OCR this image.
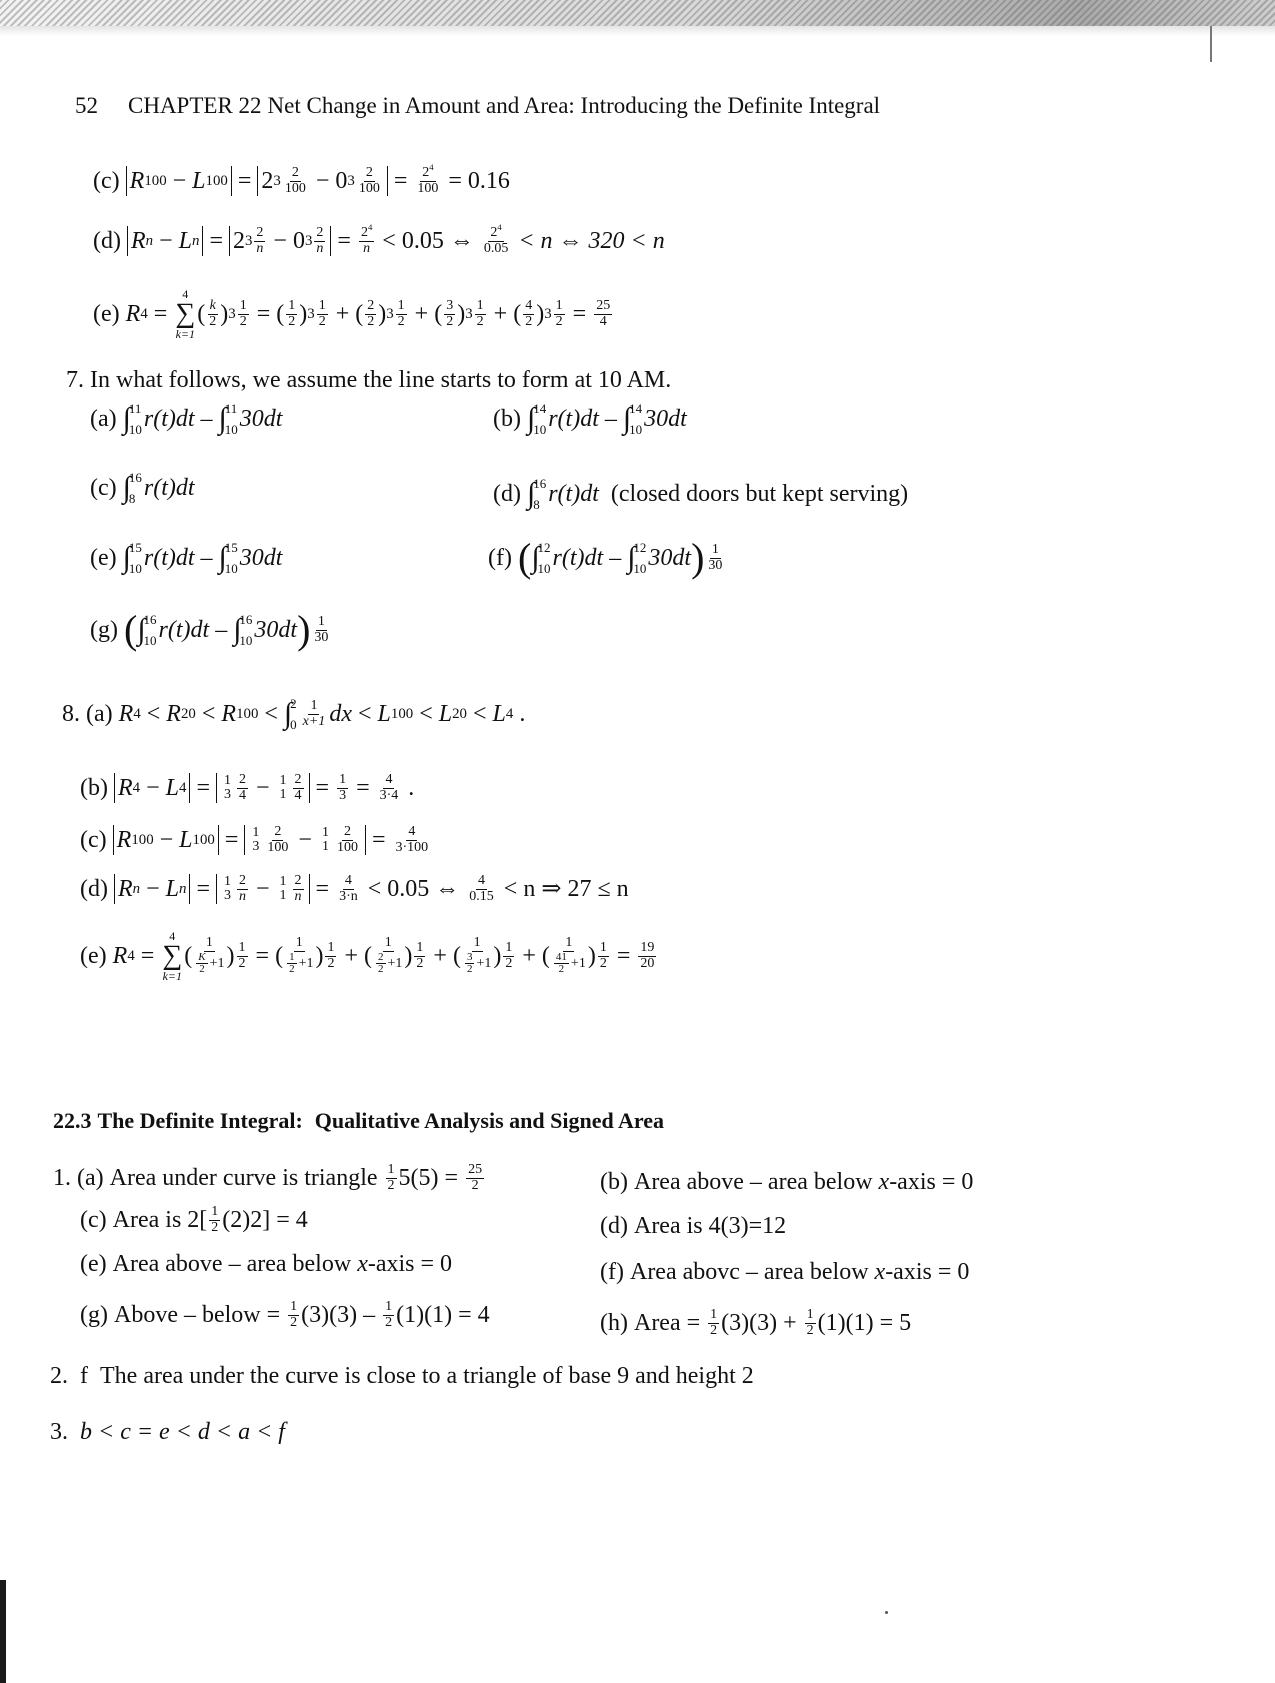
52 CHAPTER 22 Net Change in Amount and Area: Introducing the Definite Integral
(c) R 100 − L 100 = 2 $3 \frac{2}{100} - 0$ $3 \frac{2}{100} = \frac{2^4}{100} = 0.16$
(d) R n − L n = 2 $3 \frac{2}{n} - 0$ $3 \frac{2}{n} = \frac{2^4}{n} < 0.05$ ⇔ $\frac{2^4}{0.05} < n$ ⇔ 320 < n
(e) R 4 =
4
∑
k=1
( $\frac{k}{2}$ ) $3 \frac{1}{2}$ = ( $\frac{1}{2}$ ) $3 \frac{1}{2}$ + ( $\frac{2}{2}$ ) $3 \frac{1}{2}$ + ( $\frac{3}{2}$ ) $3 \frac{1}{2}$ + ( $\frac{4}{2}$ ) $3 \frac{1}{2} = \frac{25}{4}$
7. In what follows, we assume the line starts to form at 10 AM.
(a) ∫
11
10 r(t)dt
–
∫
11
10 30dt	(b) ∫
14
10 r(t)dt
–
∫
14
10 30dt
(c) ∫
16
8 r(t)dt	(d) ∫
16
8 r(t)dt (closed doors but kept serving)
(e) ∫
15
10 r(t)dt
–
∫
15
10 30dt	(f) ( ∫
12
10 r(t)dt
–
∫
12
10 30dt ) $\frac{1}{30}$
(g) ( ∫
16
10 r(t)dt
–
∫
16
10 30dt ) $\frac{1}{30}$
8. (a) R 4 < R 20 < R 100 < ∫
2
$0 \frac{1}{x+1}$ dx < L 100 < L 20 < L 4 .
(b) R 4 − L 4 = 1
$3 \frac{2}{4} - 1$
$1 \frac{2}{4} = \frac{1}{3} = \frac{4}{3\cdot 4}$ .
(c) R 100 − L 100 = 1
$3 \frac{2}{100} - 1$
$1 \frac{2}{100} = \frac{4}{3\cdot 100}$
(d) R n − L n = 1
$3 \frac{2}{n} - 1$
$1 \frac{2}{n} = \frac{4}{3\cdot n} < 0.05$ ⇔ $\frac{4}{0.15} < n$ ⇒ 27 ≤ n
(e) R 4 =
4
∑
k=1
( $\frac{1}{\frac{K}{2} +1}$ ) $\frac{1}{2}$ = ( $\frac{1}{\frac{1}{2} +1}$ ) $\frac{1}{2}$ + ( $\frac{1}{\frac{2}{2} +1}$ ) $\frac{1}{2}$ + ( $\frac{1}{\frac{3}{2} +1}$ ) $\frac{1}{2}$ + ( $\frac{1}{\frac{41}{2} +1}$ ) $\frac{1}{2} = \frac{19}{20}$
22.3 The Definite Integral: Qualitative Analysis and Signed Area
1. (a) Area under curve is triangle $\frac{1}{2} 5(5) = \frac{25}{2}$	(b) Area above – area below
x -axis = 0
(c) Area is $2[ \frac{1}{2} (2)2] = 4$	(d) Area is 4(3)=12
(e) Area above – area below
x -axis = 0	(f) Area abovc – area below
x -axis = 0
(g) Above – below = $\frac{1}{2} (3)(3) - \frac{1}{2} (1)(1) = 4$	(h) Area = $\frac{1}{2} (3)(3) + \frac{1}{2} (1)(1) = 5$
2. f The area under the curve is close to a triangle of base 9 and height 2
3. b < c = e < d < a < f
